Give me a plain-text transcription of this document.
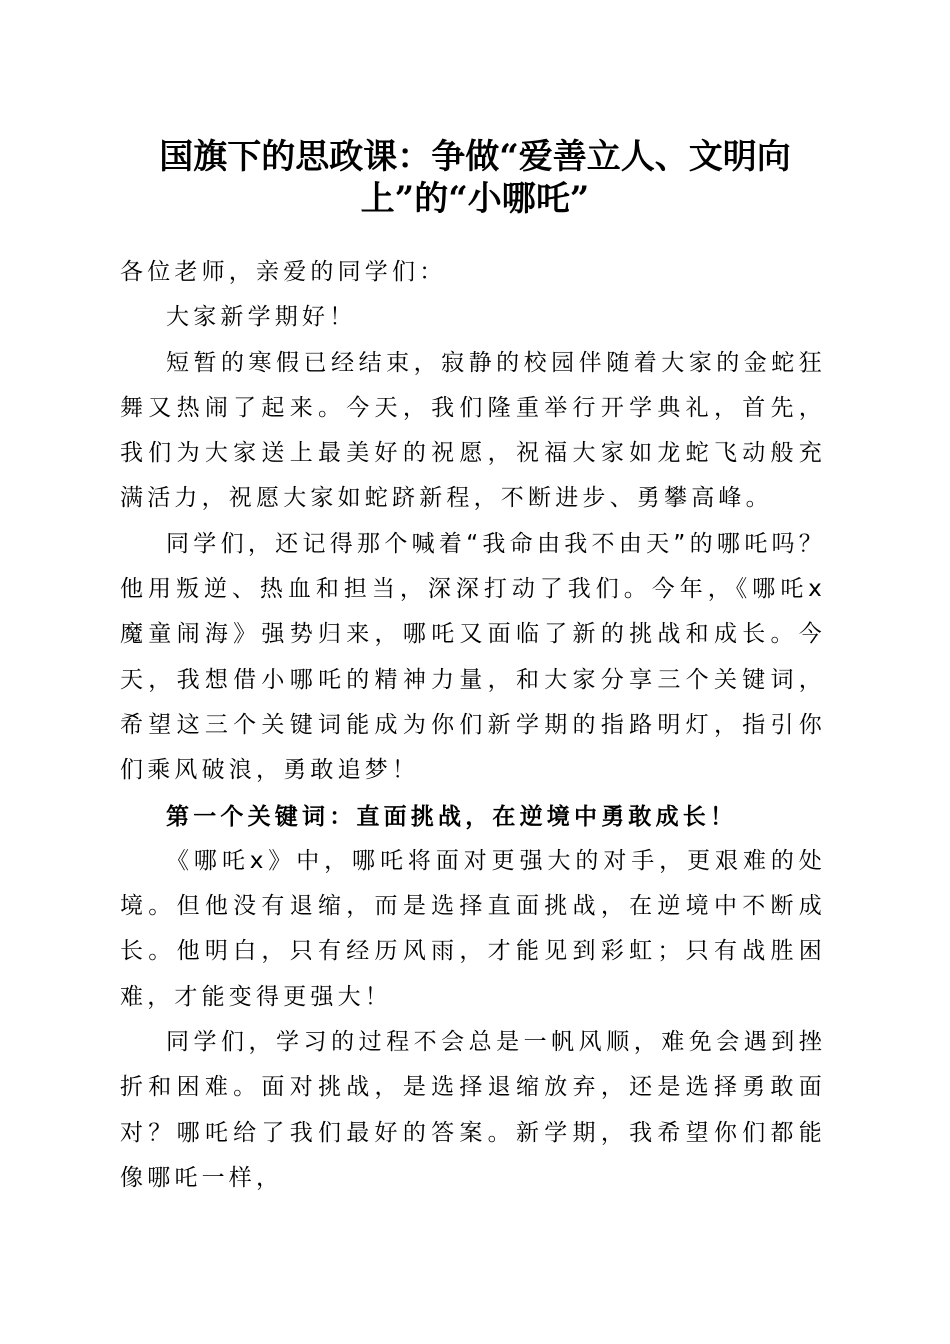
国旗下的思政课：争做“爱善立人、文明向
上”的“小哪吒”

各位老师，亲爱的同学们：

大家新学期好！

短暂的寒假已经结束，寂静的校园伴随着大家的金蛇狂舞又热闹了起来。今天，我们隆重举行开学典礼，首先，我们为大家送上最美好的祝愿，祝福大家如龙蛇飞动般充满活力，祝愿大家如蛇跻新程，不断进步、勇攀高峰。

同学们，还记得那个喊着“我命由我不由天”的哪吒吗？他用叛逆、热血和担当，深深打动了我们。今年，《哪吒x魔童闹海》强势归来，哪吒又面临了新的挑战和成长。今天，我想借小哪吒的精神力量，和大家分享三个关键词，希望这三个关键词能成为你们新学期的指路明灯，指引你们乘风破浪，勇敢追梦！

第一个关键词：直面挑战，在逆境中勇敢成长！

《哪吒x》中，哪吒将面对更强大的对手，更艰难的处境。但他没有退缩，而是选择直面挑战，在逆境中不断成长。他明白，只有经历风雨，才能见到彩虹；只有战胜困难，才能变得更强大！

同学们，学习的过程不会总是一帆风顺，难免会遇到挫折和困难。面对挑战，是选择退缩放弃，还是选择勇敢面对？哪吒给了我们最好的答案。新学期，我希望你们都能像哪吒一样，
